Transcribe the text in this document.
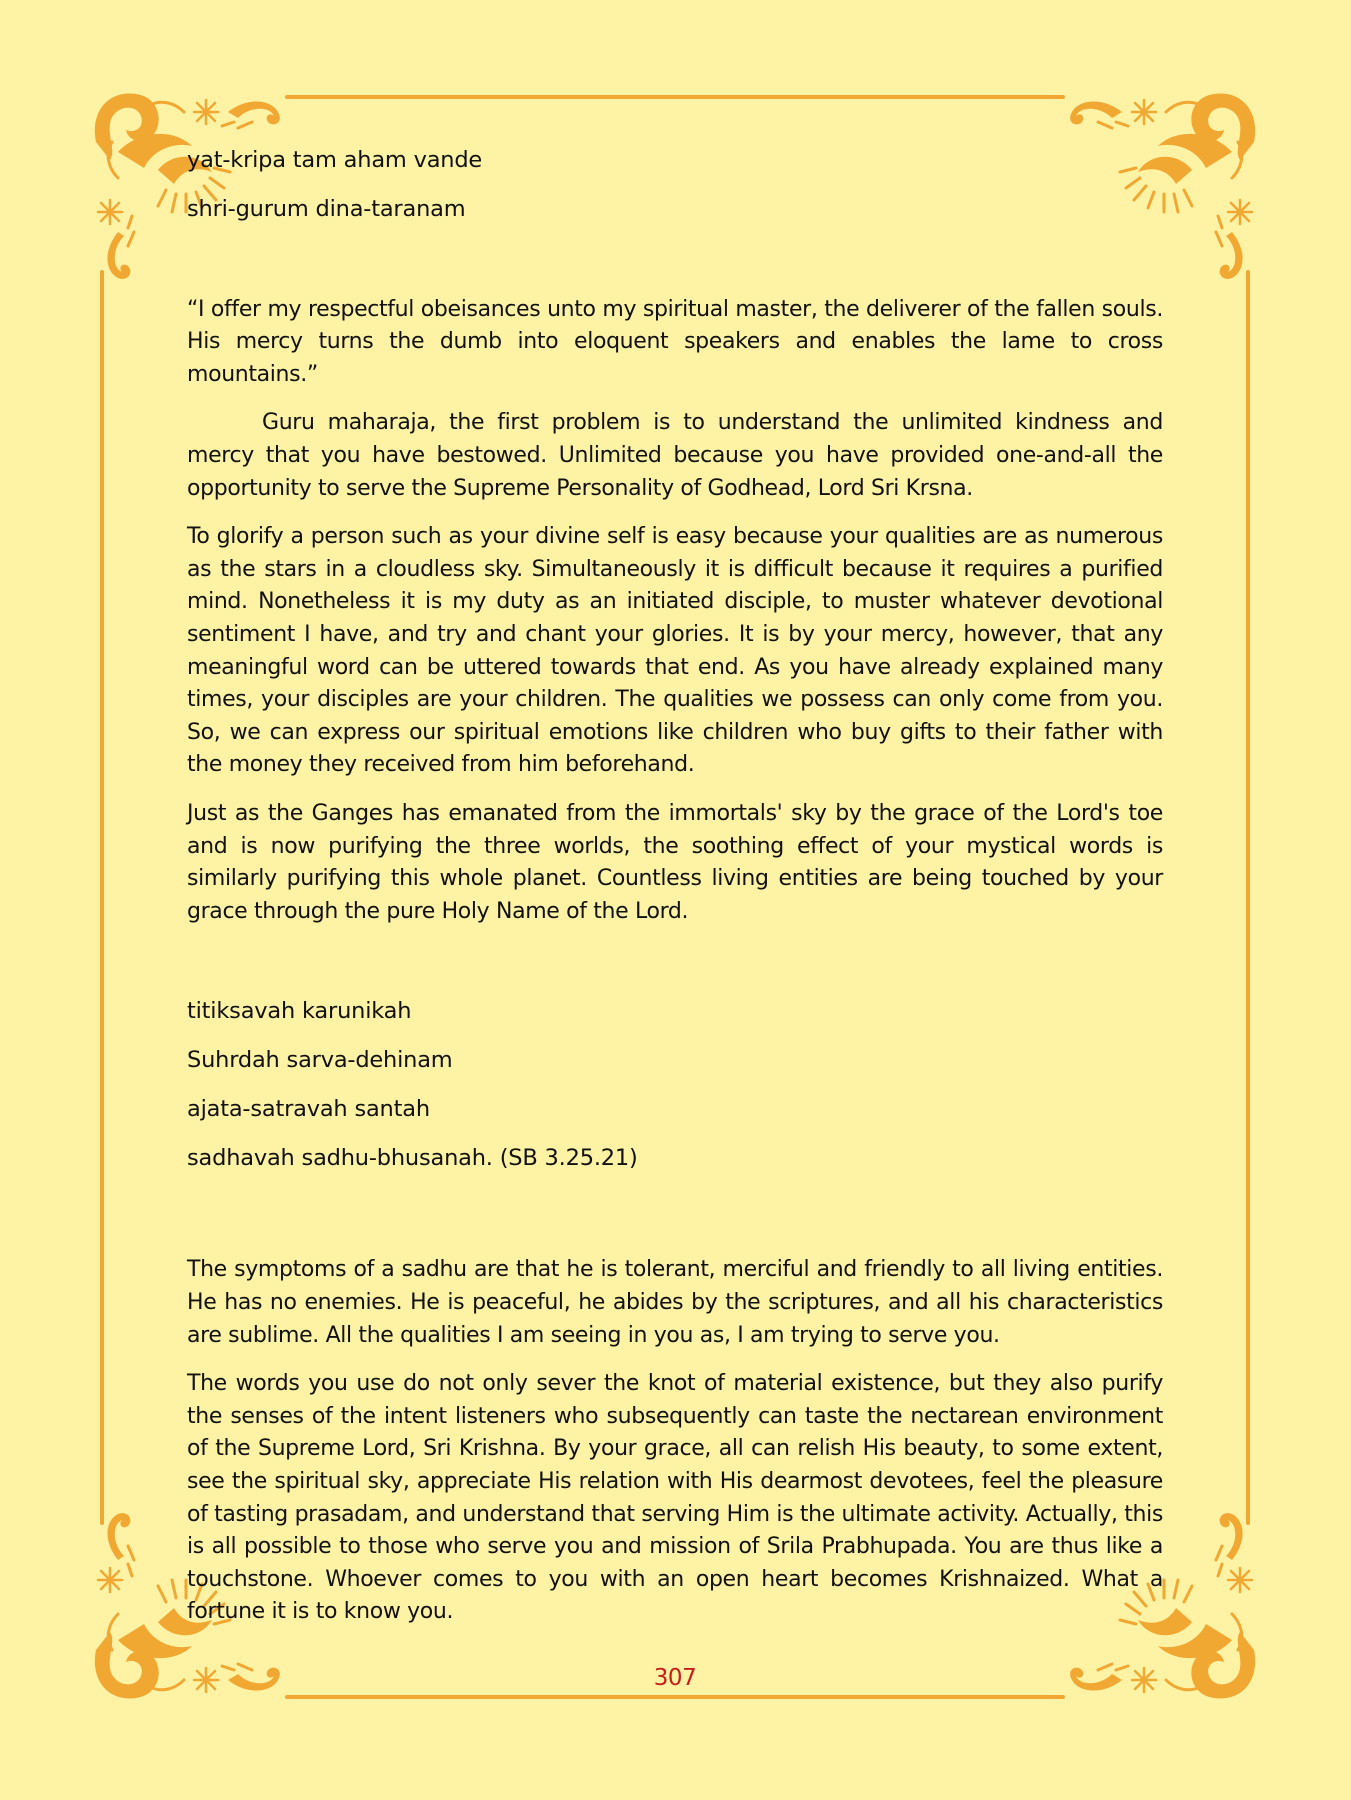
yat-kripa tam aham vande

shri-gurum dina-taranam

“I offer my respectful obeisances unto my spiritual master, the deliverer of the fallen souls. His mercy turns the dumb into eloquent speakers and enables the lame to cross mountains.”

Guru maharaja, the first problem is to understand the unlimited kindness and mercy that you have bestowed. Unlimited because you have provided one-and-all the opportunity to serve the Supreme Personality of Godhead, Lord Sri Krsna.

To glorify a person such as your divine self is easy because your qualities are as numerous as the stars in a cloudless sky. Simultaneously it is difficult because it requires a purified mind. Nonetheless it is my duty as an initiated disciple, to muster whatever devotional sentiment I have, and try and chant your glories. It is by your mercy, however, that any meaningful word can be uttered towards that end. As you have already explained many times, your disciples are your children. The qualities we possess can only come from you. So, we can express our spiritual emotions like children who buy gifts to their father with the money they received from him beforehand.

Just as the Ganges has emanated from the immortals' sky by the grace of the Lord's toe and is now purifying the three worlds, the soothing effect of your mystical words is similarly purifying this whole planet. Countless living entities are being touched by your grace through the pure Holy Name of the Lord.

titiksavah karunikah

Suhrdah sarva-dehinam

ajata-satravah santah

sadhavah sadhu-bhusanah. (SB 3.25.21)

The symptoms of a sadhu are that he is tolerant, merciful and friendly to all living entities. He has no enemies. He is peaceful, he abides by the scriptures, and all his characteristics are sublime. All the qualities I am seeing in you as, I am trying to serve you.

The words you use do not only sever the knot of material existence, but they also purify the senses of the intent listeners who subsequently can taste the nectarean environment of the Supreme Lord, Sri Krishna. By your grace, all can relish His beauty, to some extent, see the spiritual sky, appreciate His relation with His dearmost devotees, feel the pleasure of tasting prasadam, and understand that serving Him is the ultimate activity. Actually, this is all possible to those who serve you and mission of Srila Prabhupada. You are thus like a touchstone. Whoever comes to you with an open heart becomes Krishnaized. What a fortune it is to know you.

307
